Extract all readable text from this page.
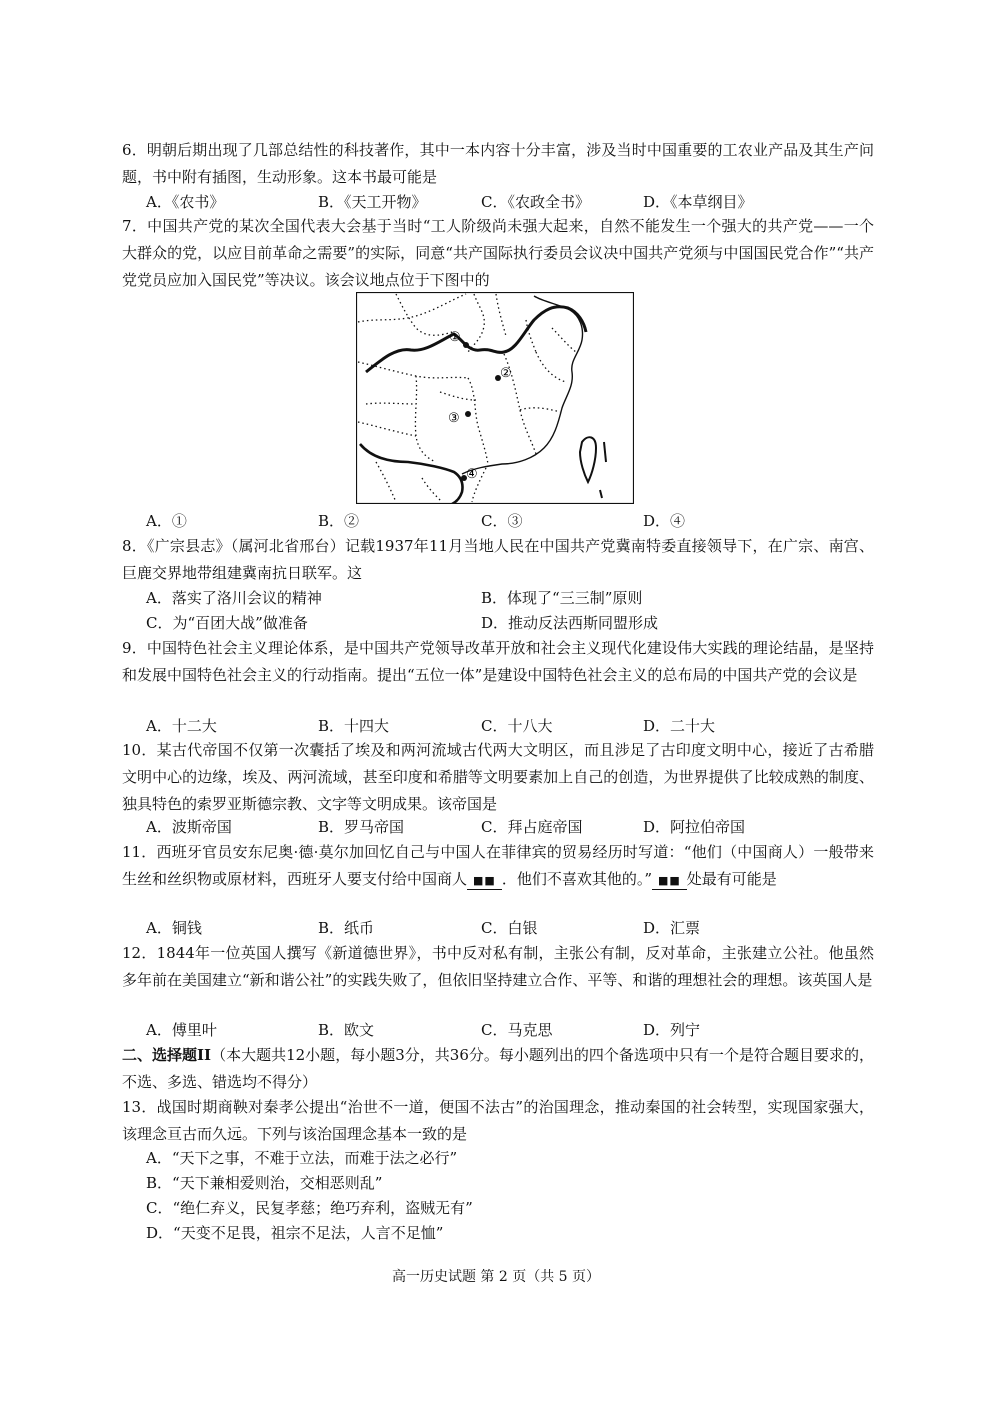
6．明朝后期出现了几部总结性的科技著作，其中一本内容十分丰富，涉及当时中国重要的工农业产品及其生产问题，书中附有插图，生动形象。这本书最可能是
A．《农书》	B．《天工开物》	C．《农政全书》	D．《本草纲目》
7．中国共产党的某次全国代表大会基于当时“工人阶级尚未强大起来，自然不能发生一个强大的共产党——一个大群众的党，以应目前革命之需要”的实际，同意“共产国际执行委员会议决中国共产党须与中国国民党合作”“共产党党员应加入国民党”等决议。该会议地点位于下图中的
①
②
③
④
A．①	B．②	C．③	D．④
8．《广宗县志》（属河北省邢台）记载1937年11月当地人民在中国共产党冀南特委直接领导下，在广宗、南宫、巨鹿交界地带组建冀南抗日联军。这
A．落实了洛川会议的精神	B．体现了“三三制”原则
C．为“百团大战”做准备	D．推动反法西斯同盟形成
9．中国特色社会主义理论体系，是中国共产党领导改革开放和社会主义现代化建设伟大实践的理论结晶，是坚持和发展中国特色社会主义的行动指南。提出“五位一体”是建设中国特色社会主义的总布局的中国共产党的会议是
A．十二大	B．十四大	C．十八大	D．二十大
10．某古代帝国不仅第一次囊括了埃及和两河流域古代两大文明区，而且涉足了古印度文明中心，接近了古希腊文明中心的边缘，埃及、两河流域，甚至印度和希腊等文明要素加上自己的创造，为世界提供了比较成熟的制度、独具特色的索罗亚斯德宗教、文字等文明成果。该帝国是
A．波斯帝国	B．罗马帝国	C．拜占庭帝国	D．阿拉伯帝国
11．西班牙官员安东尼奥·德·莫尔加回忆自己与中国人在菲律宾的贸易经历时写道：“他们（中国商人）一般带来生丝和丝织物或原材料，西班牙人要支付给中国商人 ■■ ．他们不喜欢其他的。” ■■ 处最有可能是
A．铜钱	B．纸币	C．白银	D．汇票
12．1844年一位英国人撰写《新道德世界》，书中反对私有制，主张公有制，反对革命，主张建立公社。他虽然多年前在美国建立“新和谐公社”的实践失败了，但依旧坚持建立合作、平等、和谐的理想社会的理想。该英国人是
A．傅里叶	B．欧文	C．马克思	D．列宁
二、选择题II（本大题共12小题，每小题3分，共36分。每小题列出的四个备选项中只有一个是符合题目要求的，不选、多选、错选均不得分）
13．战国时期商鞅对秦孝公提出“治世不一道，便国不法古”的治国理念，推动秦国的社会转型，实现国家强大，该理念亘古而久远。下列与该治国理念基本一致的是
A．“天下之事，不难于立法，而难于法之必行”
B．“天下兼相爱则治，交相恶则乱”
C．“绝仁弃义，民复孝慈；绝巧弃利，盗贼无有”
D．“天变不足畏，祖宗不足法，人言不足恤”
高一历史试题 第 2 页（共 5 页）
